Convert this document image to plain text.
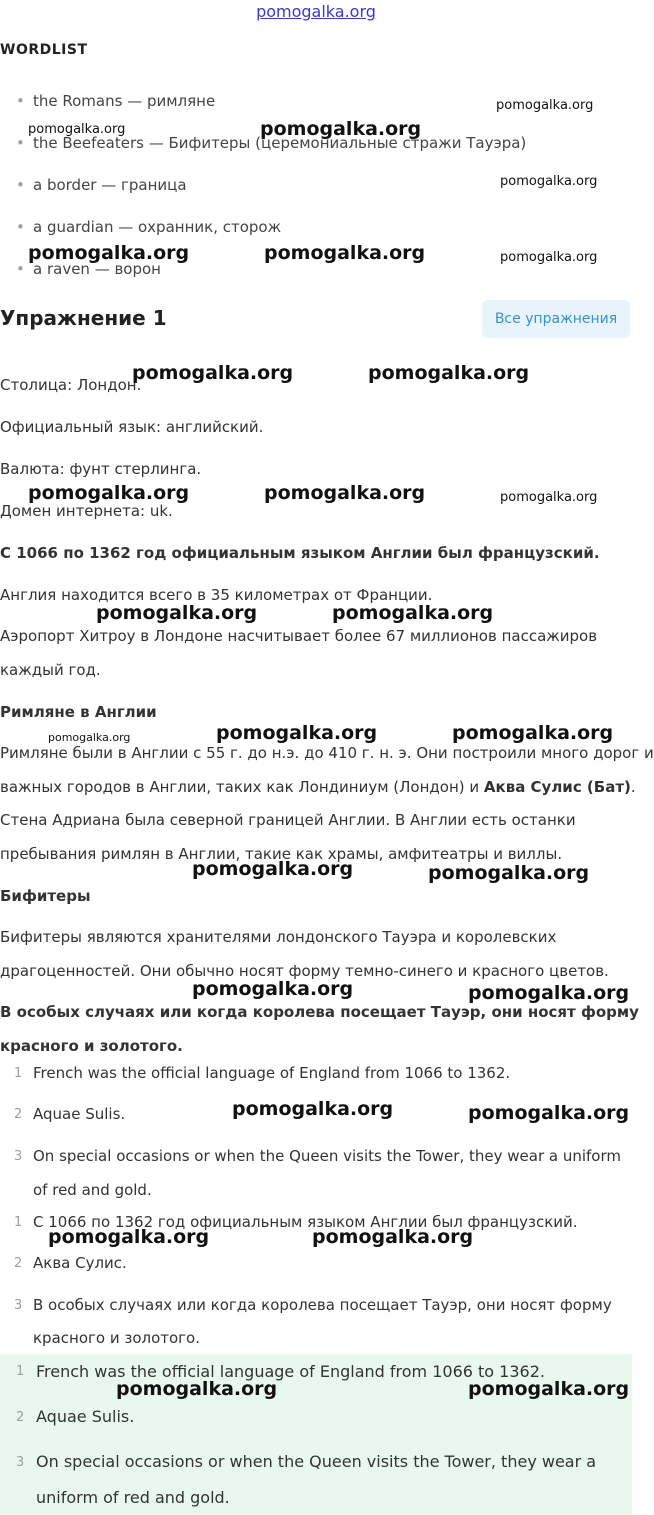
pomogalka.org
WORDLIST
• the Romans — римляне
• the Beefeaters — Бифитеры (церемониальные стражи Тауэра)
• a border — граница
• a guardian — охранник, сторож
• a raven — ворон
Упражнение 1	Все упражнения
Столица: Лондон.
Официальный язык: английский.
Валюта: фунт стерлинга.
Домен интернета: uk.
С 1066 по 1362 год официальным языком Англии был французский.
Англия находится всего в 35 километрах от Франции.
Аэропорт Хитроу в Лондоне насчитывает более 67 миллионов пассажиров
каждый год.
Римляне в Англии
Римляне были в Англии с 55 г. до н.э. до 410 г. н. э. Они построили много дорог и
важных городов в Англии, таких как Лондиниум (Лондон) и Аква Сулис (Бат).
Стена Адриана была северной границей Англии. В Англии есть останки
пребывания римлян в Англии, такие как храмы, амфитеатры и виллы.
Бифитеры
Бифитеры являются хранителями лондонского Тауэра и королевских
драгоценностей. Они обычно носят форму темно-синего и красного цветов.
В особых случаях или когда королева посещает Тауэр, они носят форму
красного и золотого.
1 French was the official language of England from 1066 to 1362.
2 Aquae Sulis.
3 On special occasions or when the Queen visits the Tower, they wear a uniform
of red and gold.
1 С 1066 по 1362 год официальным языком Англии был французский.
2 Аква Сулис.
3 В особых случаях или когда королева посещает Тауэр, они носят форму
красного и золотого.
1 French was the official language of England from 1066 to 1362.
2 Aquae Sulis.
3 On special occasions or when the Queen visits the Tower, they wear a
uniform of red and gold.
pomogalka.org
pomogalka.org	pomogalka.org
pomogalka.org
pomogalka.org	pomogalka.org	pomogalka.org
pomogalka.org	pomogalka.org
pomogalka.org	pomogalka.org	pomogalka.org
pomogalka.org	pomogalka.org
pomogalka.org	pomogalka.org	pomogalka.org
pomogalka.org	pomogalka.org
pomogalka.org	pomogalka.org
pomogalka.org	pomogalka.org
pomogalka.org	pomogalka.org
pomogalka.org	pomogalka.org
